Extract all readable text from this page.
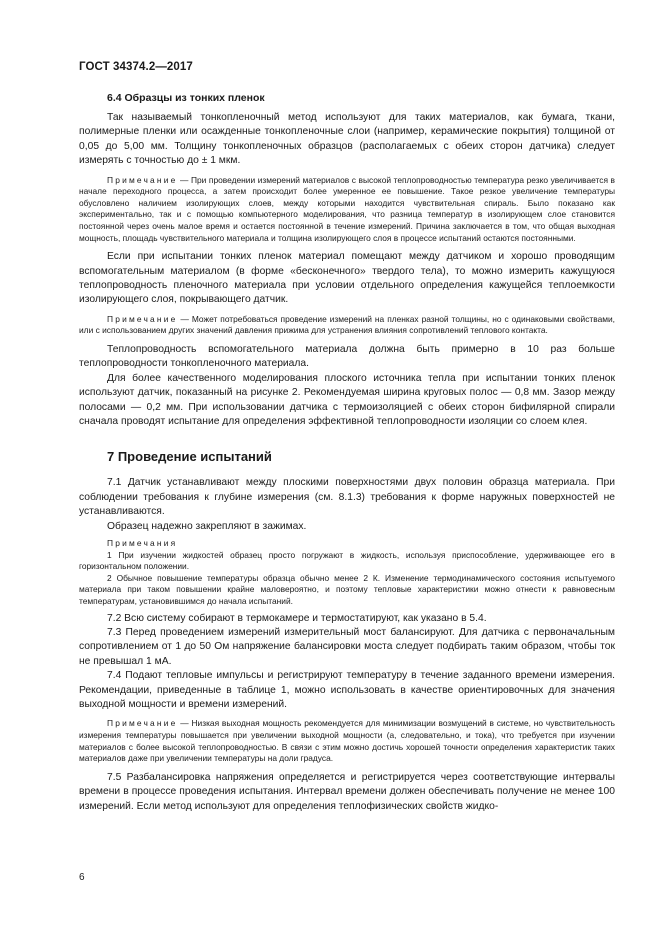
ГОСТ 34374.2—2017
6.4 Образцы из тонких пленок

Так называемый тонкопленочный метод используют для таких материалов, как бумага, ткани, полимерные пленки или осажденные тонкопленочные слои (например, керамические покрытия) толщиной от 0,05 до 5,00 мм. Толщину тонкопленочных образцов (располагаемых с обеих сторон датчика) следует измерять с точностью до ± 1 мкм.

Примечание — При проведении измерений материалов с высокой теплопроводностью температура резко увеличивается в начале переходного процесса, а затем происходит более умеренное ее повышение. Такое резкое увеличение температуры обусловлено наличием изолирующих слоев, между которыми находится чувствительная спираль. Было показано как экспериментально, так и с помощью компьютерного моделирования, что разница температур в изолирующем слое становится постоянной через очень малое время и остается постоянной в течение измерений. Причина заключается в том, что общая выходная мощность, площадь чувствительного материала и толщина изолирующего слоя в процессе испытаний остаются постоянными.

Если при испытании тонких пленок материал помещают между датчиком и хорошо проводящим вспомогательным материалом (в форме «бесконечного» твердого тела), то можно измерить кажущуюся теплопроводность пленочного материала при условии отдельного определения кажущейся теплоемкости изолирующего слоя, покрывающего датчик.

Примечание — Может потребоваться проведение измерений на пленках разной толщины, но с одинаковыми свойствами, или с использованием других значений давления прижима для устранения влияния сопротивлений теплового контакта.

Теплопроводность вспомогательного материала должна быть примерно в 10 раз больше теплопроводности тонкопленочного материала.

Для более качественного моделирования плоского источника тепла при испытании тонких пленок используют датчик, показанный на рисунке 2. Рекомендуемая ширина круговых полос — 0,8 мм. Зазор между полосами — 0,2 мм. При использовании датчика с термоизоляцией с обеих сторон бифилярной спирали сначала проводят испытание для определения эффективной теплопроводности изоляции со слоем клея.

7 Проведение испытаний

7.1 Датчик устанавливают между плоскими поверхностями двух половин образца материала. При соблюдении требования к глубине измерения (см. 8.1.3) требования к форме наружных поверхностей не устанавливаются.

Образец надежно закрепляют в зажимах.

Примечания

1 При изучении жидкостей образец просто погружают в жидкость, используя приспособление, удерживающее его в горизонтальном положении.

2 Обычное повышение температуры образца обычно менее 2 К. Изменение термодинамического состояния испытуемого материала при таком повышении крайне маловероятно, и поэтому тепловые характеристики можно отнести к равновесным температурам, установившимся до начала испытаний.

7.2 Всю систему собирают в термокамере и термостатируют, как указано в 5.4.

7.3 Перед проведением измерений измерительный мост балансируют. Для датчика с первоначальным сопротивлением от 1 до 50 Ом напряжение балансировки моста следует подбирать таким образом, чтобы ток не превышал 1 мА.

7.4 Подают тепловые импульсы и регистрируют температуру в течение заданного времени измерения. Рекомендации, приведенные в таблице 1, можно использовать в качестве ориентировочных для значения выходной мощности и времени измерений.

Примечание — Низкая выходная мощность рекомендуется для минимизации возмущений в системе, но чувствительность измерения температуры повышается при увеличении выходной мощности (а, следовательно, и тока), что требуется при изучении материалов с более высокой теплопроводностью. В связи с этим можно достичь хорошей точности определения характеристик таких материалов даже при увеличении температуры на доли градуса.

7.5 Разбалансировка напряжения определяется и регистрируется через соответствующие интервалы времени в процессе проведения испытания. Интервал времени должен обеспечивать получение не менее 100 измерений. Если метод используют для определения теплофизических свойств жидко-

6
